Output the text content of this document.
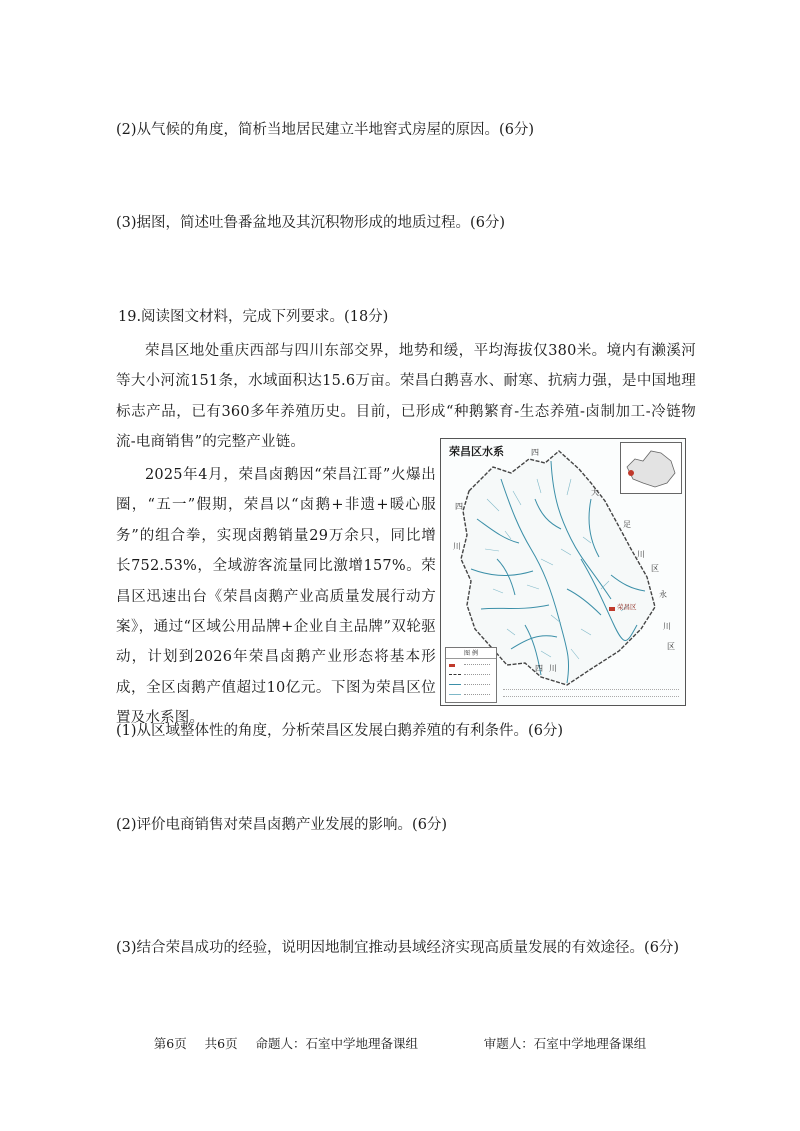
(2)从气候的角度，简析当地居民建立半地窖式房屋的原因。(6分)
(3)据图，简述吐鲁番盆地及其沉积物形成的地质过程。(6分)
19.阅读图文材料，完成下列要求。(18分)
荣昌区地处重庆西部与四川东部交界，地势和缓，平均海拔仅380米。境内有濑溪河等大小河流151条，水域面积达15.6万亩。荣昌白鹅喜水、耐寒、抗病力强，是中国地理标志产品，已有360多年养殖历史。目前，已形成“种鹅繁育-生态养殖-卤制加工-冷链物流-电商销售”的完整产业链。
2025年4月，荣昌卤鹅因“荣昌江哥”火爆出圈，“五一”假期，荣昌以“卤鹅+非遗+暖心服务”的组合拳，实现卤鹅销量29万余只，同比增长752.53%，全域游客流量同比激增157%。荣昌区迅速出台《荣昌卤鹅产业高质量发展行动方案》，通过“区域公用品牌+企业自主品牌”双轮驱动，计划到2026年荣昌卤鹅产业形态将基本形成，全区卤鹅产值超过10亿元。下图为荣昌区位置及水系图。
四
大
足
川
区
永
川
区
四
川
四 川
荣昌区
荣昌区水系
图 例
(1)从区域整体性的角度，分析荣昌区发展白鹅养殖的有利条件。(6分)
(2)评价电商销售对荣昌卤鹅产业发展的影响。(6分)
(3)结合荣昌成功的经验，说明因地制宜推动县域经济实现高质量发展的有效途径。(6分)
第6页 共6页 命题人：石室中学地理备课组	审题人：石室中学地理备课组
